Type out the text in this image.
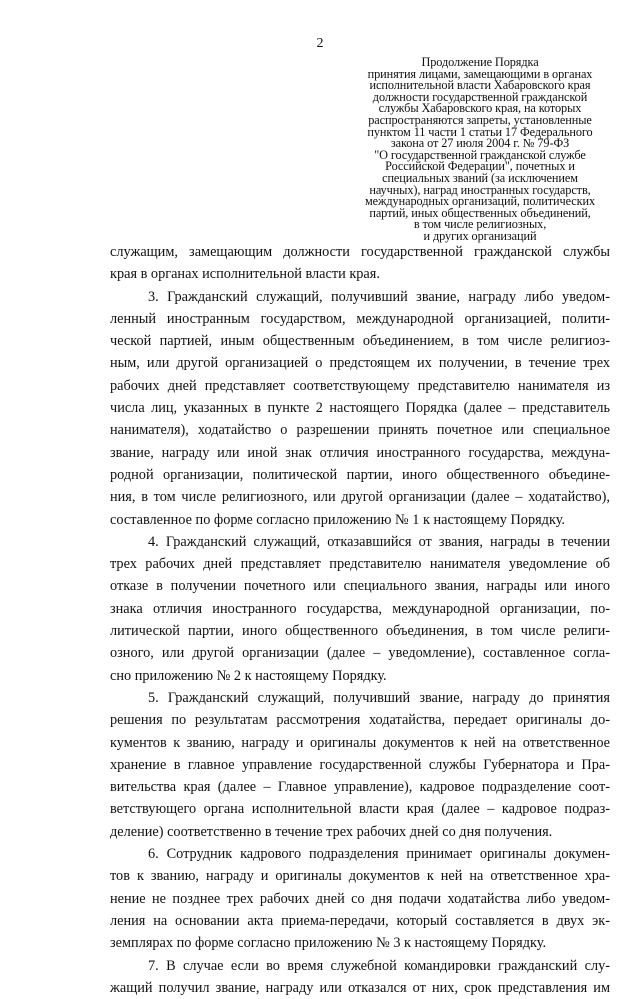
2
Продолжение Порядка
принятия лицами, замещающими в органах
исполнительной власти Хабаровского края
должности государственной гражданской
службы Хабаровского края, на которых
распространяются запреты, установленные
пунктом 11 части 1 статьи 17 Федерального
закона от 27 июля 2004 г. № 79-ФЗ
"О государственной гражданской службе
Российской Федерации", почетных и
специальных званий (за исключением
научных), наград иностранных государств,
международных организаций, политических
партий, иных общественных объединений,
в том числе религиозных,
и других организаций
служащим, замещающим должности государственной гражданской службы
края в органах исполнительной власти края.
3. Гражданский служащий, получивший звание, награду либо уведом-
ленный иностранным государством, международной организацией, полити-
ческой партией, иным общественным объединением, в том числе религиоз-
ным, или другой организацией о предстоящем их получении, в течение трех
рабочих дней представляет соответствующему представителю нанимателя из
числа лиц, указанных в пункте 2 настоящего Порядка (далее – представитель
нанимателя), ходатайство о разрешении принять почетное или специальное
звание, награду или иной знак отличия иностранного государства, междуна-
родной организации, политической партии, иного общественного объедине-
ния, в том числе религиозного, или другой организации (далее – ходатайство),
составленное по форме согласно приложению № 1 к настоящему Порядку.
4. Гражданский служащий, отказавшийся от звания, награды в течении
трех рабочих дней представляет представителю нанимателя уведомление об
отказе в получении почетного или специального звания, награды или иного
знака отличия иностранного государства, международной организации, по-
литической партии, иного общественного объединения, в том числе религи-
озного, или другой организации (далее – уведомление), составленное согла-
сно приложению № 2 к настоящему Порядку.
5. Гражданский служащий, получивший звание, награду до принятия
решения по результатам рассмотрения ходатайства, передает оригиналы до-
кументов к званию, награду и оригиналы документов к ней на ответственное
хранение в главное управление государственной службы Губернатора и Пра-
вительства края (далее – Главное управление), кадровое подразделение соот-
ветствующего органа исполнительной власти края (далее – кадровое подраз-
деление) соответственно в течение трех рабочих дней со дня получения.
6. Сотрудник кадрового подразделения принимает оригиналы докумен-
тов к званию, награду и оригиналы документов к ней на ответственное хра-
нение не позднее трех рабочих дней со дня подачи ходатайства либо уведом-
ления на основании акта приема-передачи, который составляется в двух эк-
земплярах по форме согласно приложению № 3 к настоящему Порядку.
7. В случае если во время служебной командировки гражданский слу-
жащий получил звание, награду или отказался от них, срок представления им
